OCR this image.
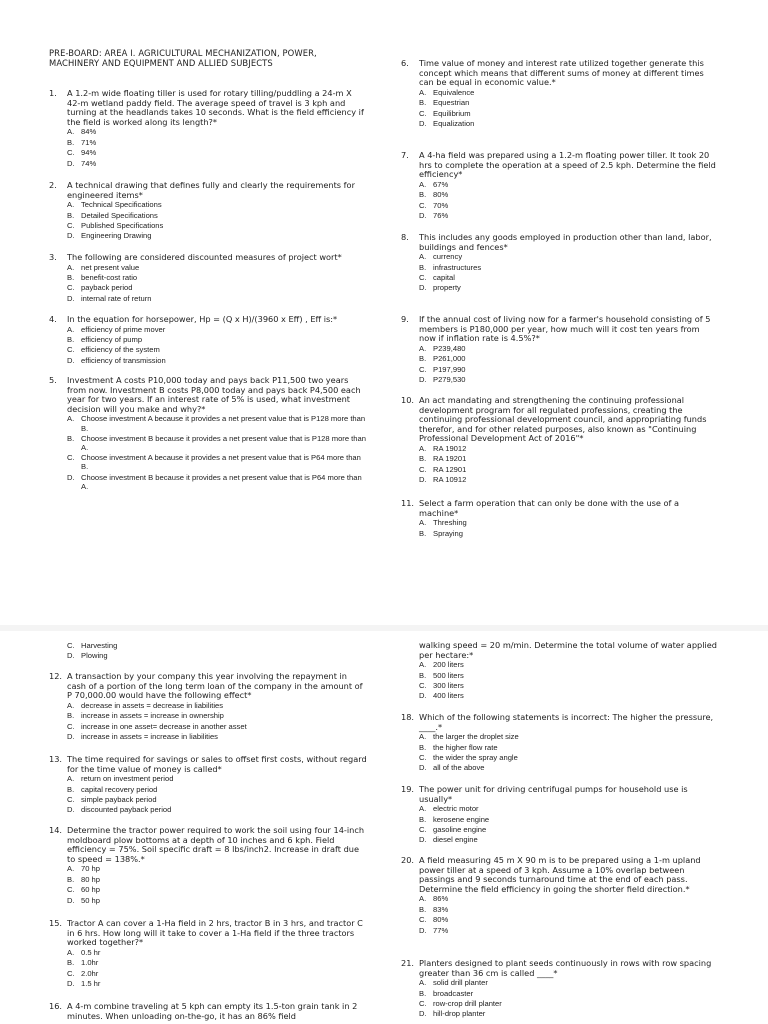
PRE-BOARD: AREA I. AGRICULTURAL MECHANIZATION, POWER, MACHINERY AND EQUIPMENT AND ALLIED SUBJECTS
1. A 1.2-m wide floating tiller is used for rotary tilling/puddling a 24-m X 42-m wetland paddy field. The average speed of travel is 3 kph and turning at the headlands takes 10 seconds. What is the field efficiency if the field is worked along its length?*
A. 84%
B. 71%
C. 94%
D. 74%
2. A technical drawing that defines fully and clearly the requirements for engineered items*
A. Technical Specifications
B. Detailed Specifications
C. Published Specifications
D. Engineering Drawing
3. The following are considered discounted measures of project wort*
A. net present value
B. benefit-cost ratio
C. payback period
D. internal rate of return
4. In the equation for horsepower, Hp = (Q x H)/(3960 x Eff) , Eff is:*
A. efficiency of prime mover
B. efficiency of pump
C. efficiency of the system
D. efficiency of transmission
5. Investment A costs P10,000 today and pays back P11,500 two years from now. Investment B costs P8,000 today and pays back P4,500 each year for two years. If an interest rate of 5% is used, what investment decision will you make and why?*
A. Choose investment A because it provides a net present value that is P128 more than B.
B. Choose investment B because it provides a net present value that is P128 more than A.
C. Choose investment A because it provides a net present value that is P64 more than B.
D. Choose investment B because it provides a net present value that is P64 more than A.
6. Time value of money and interest rate utilized together generate this concept which means that different sums of money at different times can be equal in economic value.*
A. Equivalence
B. Equestrian
C. Equilibrium
D. Equalization
7. A 4-ha field was prepared using a 1.2-m floating power tiller. It took 20 hrs to complete the operation at a speed of 2.5 kph. Determine the field efficiency*
A. 67%
B. 80%
C. 70%
D. 76%
8. This includes any goods employed in production other than land, labor, buildings and fences*
A. currency
B. infrastructures
C. capital
D. property
9. If the annual cost of living now for a farmer's household consisting of 5 members is P180,000 per year, how much will it cost ten years from now if inflation rate is 4.5%?*
A. P239,480
B. P261,000
C. P197,990
D. P279,530
10. An act mandating and strengthening the continuing professional development program for all regulated professions, creating the continuing professional development council, and appropriating funds therefor, and for other related purposes, also known as "Continuing Professional Development Act of 2016"*
A. RA 19012
B. RA 19201
C. RA 12901
D. RA 10912
11. Select a farm operation that can only be done with the use of a machine*
A. Threshing
B. Spraying
C. Harvesting
D. Plowing
12. A transaction by your company this year involving the repayment in cash of a portion of the long term loan of the company in the amount of P 70,000.00 would have the following effect*
A. decrease in assets = decrease in liabilities
B. increase in assets = increase in ownership
C. increase in one asset= decrease in another asset
D. increase in assets = increase in liabilities
13. The time required for savings or sales to offset first costs, without regard for the time value of money is called*
A. return on investment period
B. capital recovery period
C. simple payback period
D. discounted payback period
14. Determine the tractor power required to work the soil using four 14-inch moldboard plow bottoms at a depth of 10 inches and 6 kph. Field efficiency = 75%. Soil specific draft = 8 lbs/inch2. Increase in draft due to speed = 138%.*
A. 70 hp
B. 80 hp
C. 60 hp
D. 50 hp
15. Tractor A can cover a 1-Ha field in 2 hrs, tractor B in 3 hrs, and tractor C in 6 hrs. How long will it take to cover a 1-Ha field if the three tractors worked together?*
A. 0.5 hr
B. 1.0hr
C. 2.0hr
D. 1.5 hr
16. A 4-m combine traveling at 5 kph can empty its 1.5-ton grain tank in 2 minutes. When unloading on-the-go, it has an 86% field
walking speed = 20 m/min. Determine the total volume of water applied per hectare:*
A. 200 liters
B. 500 liters
C. 300 liters
D. 400 liters
18. Which of the following statements is incorrect: The higher the pressure, ____.*
A. the larger the droplet size
B. the higher flow rate
C. the wider the spray angle
D. all of the above
19. The power unit for driving centrifugal pumps for household use is usually*
A. electric motor
B. kerosene engine
C. gasoline engine
D. diesel engine
20. A field measuring 45 m X 90 m is to be prepared using a 1-m upland power tiller at a speed of 3 kph. Assume a 10% overlap between passings and 9 seconds turnaround time at the end of each pass. Determine the field efficiency in going the shorter field direction.*
A. 86%
B. 83%
C. 80%
D. 77%
21. Planters designed to plant seeds continuously in rows with row spacing greater than 36 cm is called ____*
A. solid drill planter
B. broadcaster
C. row-crop drill planter
D. hill-drop planter
